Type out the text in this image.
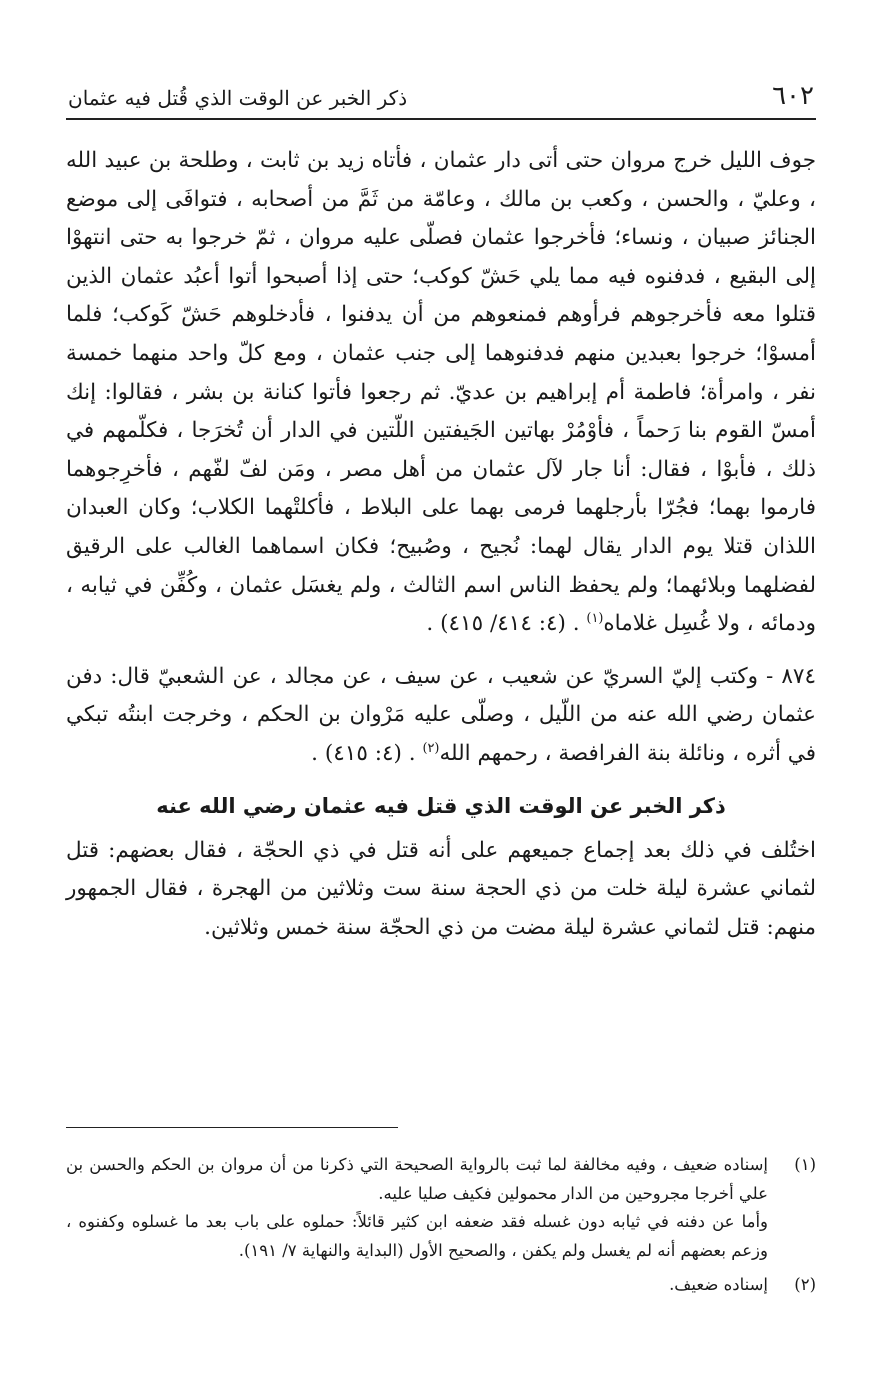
٦٠٢
ذكر الخبر عن الوقت الذي قُتل فيه عثمان

جوف الليل خرج مروان حتى أتى دار عثمان ، فأتاه زيد بن ثابت ، وطلحة بن عبيد الله ، وعليّ ، والحسن ، وكعب بن مالك ، وعامّة من ثَمَّ من أصحابه ، فتوافَى إلى موضع الجنائز صبيان ، ونساء؛ فأخرجوا عثمان فصلّى عليه مروان ، ثمّ خرجوا به حتى انتهوْا إلى البقيع ، فدفنوه فيه مما يلي حَشّ كوكب؛ حتى إذا أصبحوا أتوا أعبُد عثمان الذين قتلوا معه فأخرجوهم فرأوهم فمنعوهم من أن يدفنوا ، فأدخلوهم حَشّ كَوكب؛ فلما أمسوْا؛ خرجوا بعبدين منهم فدفنوهما إلى جنب عثمان ، ومع كلّ واحد منهما خمسة نفر ، وامرأة؛ فاطمة أم إبراهيم بن عديّ. ثم رجعوا فأتوا كنانة بن بشر ، فقالوا: إنك أمسّ القوم بنا رَحماً ، فأوْمُرْ بهاتين الجَيفتين اللّتين في الدار أن تُخرَجا ، فكلّمهم في ذلك ، فأبوْا ، فقال: أنا جار لآل عثمان من أهل مصر ، ومَن لفّ لفّهم ، فأخرِجوهما فارموا بهما؛ فجُرّا بأرجلهما فرمى بهما على البلاط ، فأكلتْهما الكلاب؛ وكان العبدان اللذان قتلا يوم الدار يقال لهما: نُجيح ، وصُبيح؛ فكان اسماهما الغالب على الرقيق لفضلهما وبلائهما؛ ولم يحفظ الناس اسم الثالث ، ولم يغسَل عثمان ، وكُفِّن في ثيابه ، ودمائه ، ولا غُسِل غلاماه$^{(١)}$ . (٤: ٤١٤/ ٤١٥) .

٨٧٤ - وكتب إليّ السريّ عن شعيب ، عن سيف ، عن مجالد ، عن الشعبيّ قال: دفن عثمان رضي الله عنه من اللّيل ، وصلّى عليه مَرْوان بن الحكم ، وخرجت ابنتُه تبكي في أثره ، ونائلة بنة الفرافصة ، رحمهم الله$^{(٢)}$ . (٤: ٤١٥) .

ذكر الخبر عن الوقت الذي قتل فيه عثمان رضي الله عنه

اختُلف في ذلك بعد إجماع جميعهم على أنه قتل في ذي الحجّة ، فقال بعضهم: قتل لثماني عشرة ليلة خلت من ذي الحجة سنة ست وثلاثين من الهجرة ، فقال الجمهور منهم: قتل لثماني عشرة ليلة مضت من ذي الحجّة سنة خمس وثلاثين.

(١)

إسناده ضعيف ، وفيه مخالفة لما ثبت بالرواية الصحيحة التي ذكرنا من أن مروان بن الحكم والحسن بن علي أخرجا مجروحين من الدار محمولين فكيف صليا عليه.

وأما عن دفنه في ثيابه دون غسله فقد ضعفه ابن كثير قائلاً: حملوه على باب بعد ما غسلوه وكفنوه ، وزعم بعضهم أنه لم يغسل ولم يكفن ، والصحيح الأول (البداية والنهاية ٧/ ١٩١).

(٢)

إسناده ضعيف.
